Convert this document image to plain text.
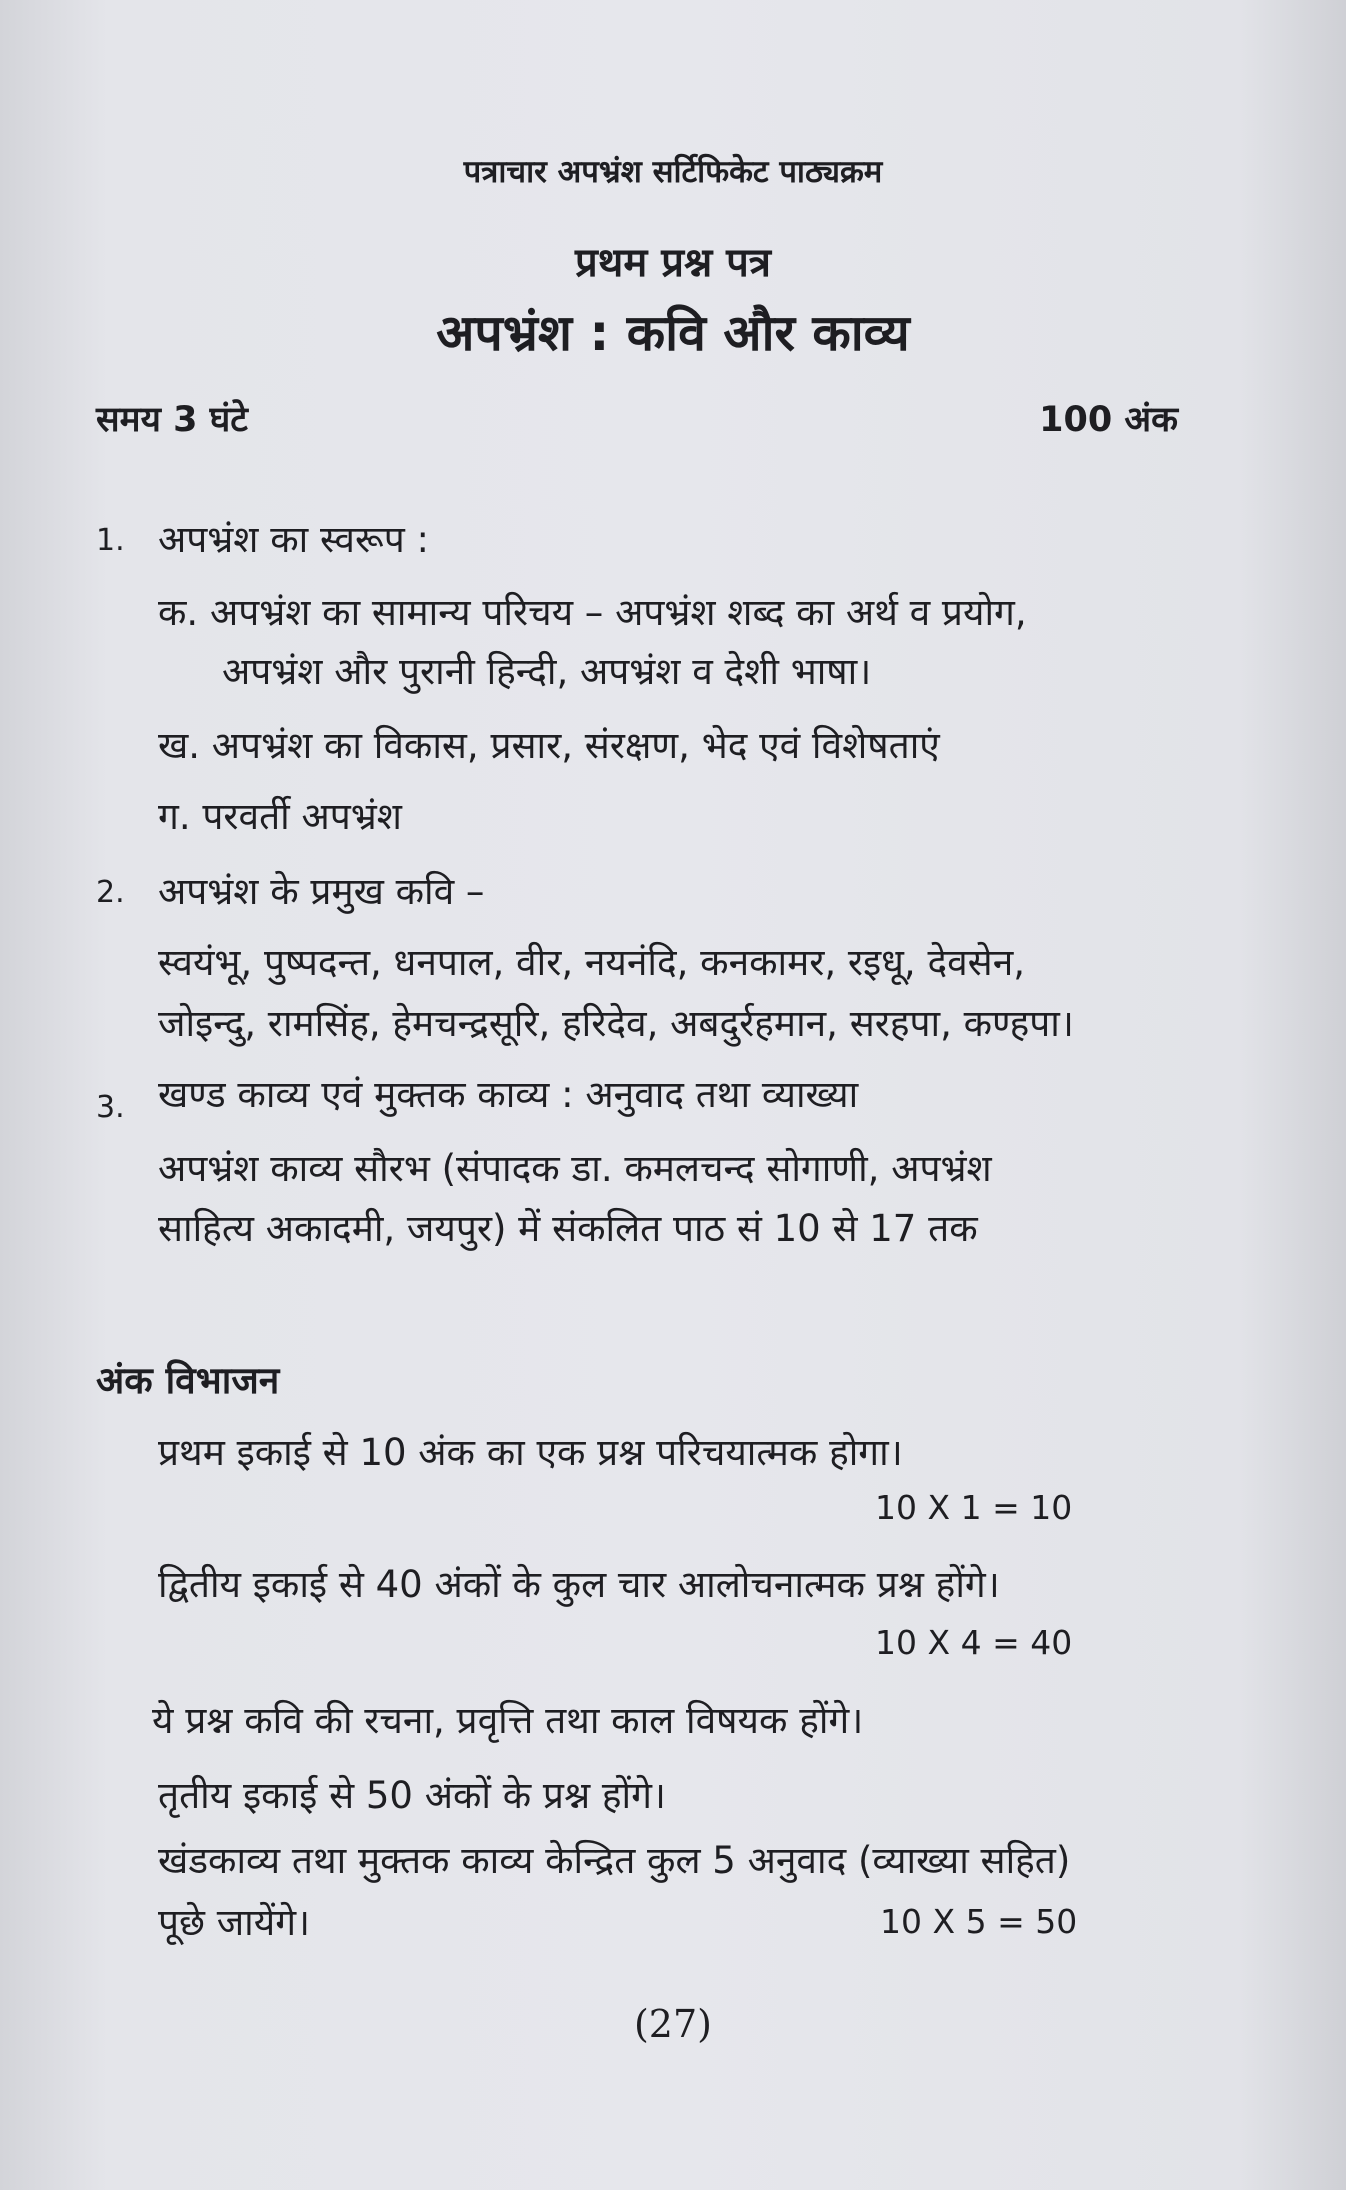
पत्राचार अपभ्रंश सर्टिफिकेट पाठ्यक्रम
प्रथम प्रश्न पत्र
अपभ्रंश : कवि और काव्य
समय 3 घंटे	100 अंक
1. अपभ्रंश का स्वरूप :
क. अपभ्रंश का सामान्य परिचय – अपभ्रंश शब्द का अर्थ व प्रयोग,
अपभ्रंश और पुरानी हिन्दी, अपभ्रंश व देशी भाषा।
ख. अपभ्रंश का विकास, प्रसार, संरक्षण, भेद एवं विशेषताएं
ग. परवर्ती अपभ्रंश
2. अपभ्रंश के प्रमुख कवि –
स्वयंभू, पुष्पदन्त, धनपाल, वीर, नयनंदि, कनकामर, रइधू, देवसेन,
जोइन्दु, रामसिंह, हेमचन्द्रसूरि, हरिदेव, अबदुर्रहमान, सरहपा, कण्हपा।
3. खण्ड काव्य एवं मुक्तक काव्य : अनुवाद तथा व्याख्या
अपभ्रंश काव्य सौरभ (संपादक डा. कमलचन्द सोगाणी, अपभ्रंश
साहित्य अकादमी, जयपुर) में संकलित पाठ सं 10 से 17 तक
अंक विभाजन
प्रथम इकाई से 10 अंक का एक प्रश्न परिचयात्मक होगा।
10 X 1 = 10
द्वितीय इकाई से 40 अंकों के कुल चार आलोचनात्मक प्रश्न होंगे।
10 X 4 = 40
ये प्रश्न कवि की रचना, प्रवृत्ति तथा काल विषयक होंगे।
तृतीय इकाई से 50 अंकों के प्रश्न होंगे।
खंडकाव्य तथा मुक्तक काव्य केन्द्रित कुल 5 अनुवाद (व्याख्या सहित)
पूछे जायेंगे।	10 X 5 = 50
(27)
